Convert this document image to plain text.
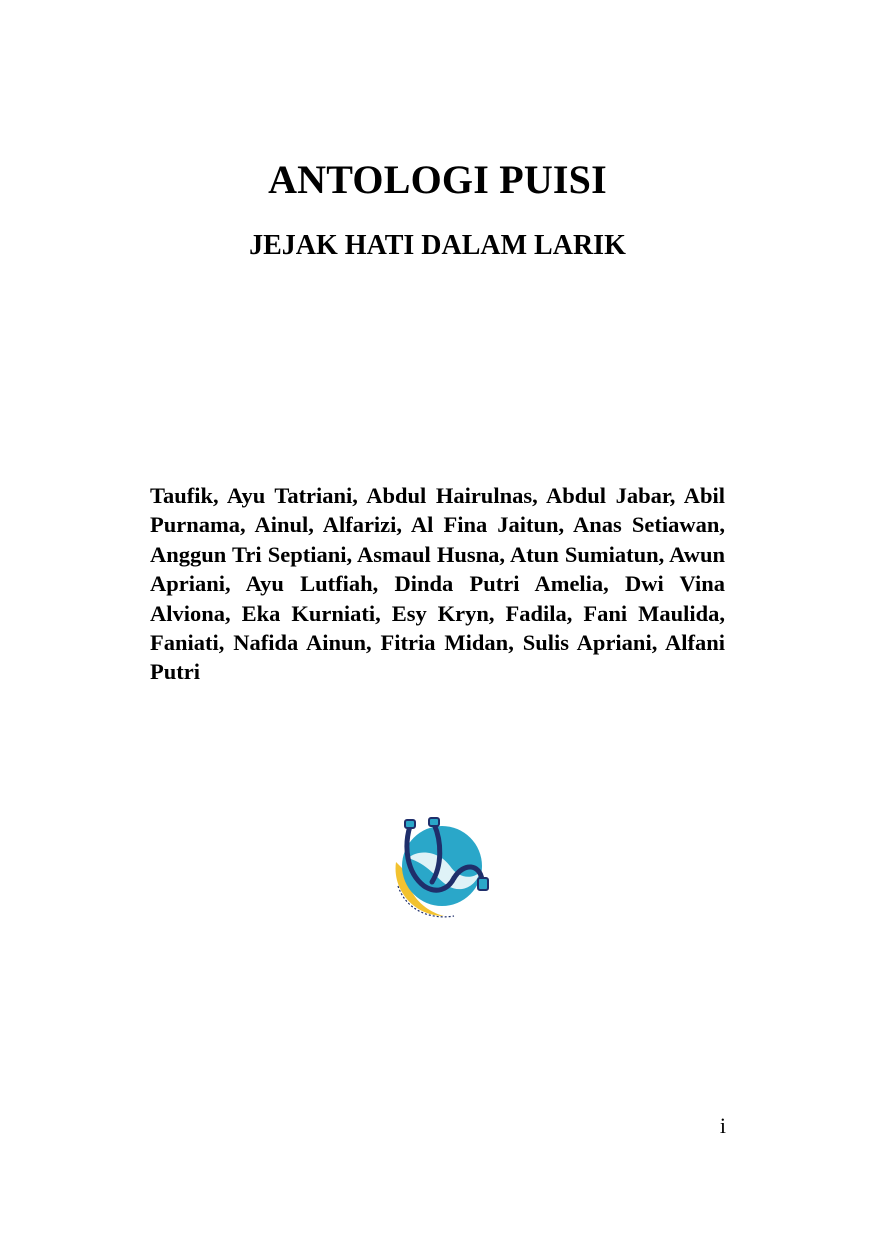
ANTOLOGI PUISI
JEJAK HATI DALAM LARIK

Taufik, Ayu Tatriani, Abdul Hairulnas, Abdul Jabar, Abil Purnama, Ainul, Alfarizi, Al Fina Jaitun, Anas Setiawan, Anggun Tri Septiani, Asmaul Husna, Atun Sumiatun, Awun Apriani, Ayu Lutfiah, Dinda Putri Amelia, Dwi Vina Alviona, Eka Kurniati, Esy Kryn, Fadila, Fani Maulida, Faniati, Nafida Ainun, Fitria Midan, Sulis Apriani, Alfani Putri

i
